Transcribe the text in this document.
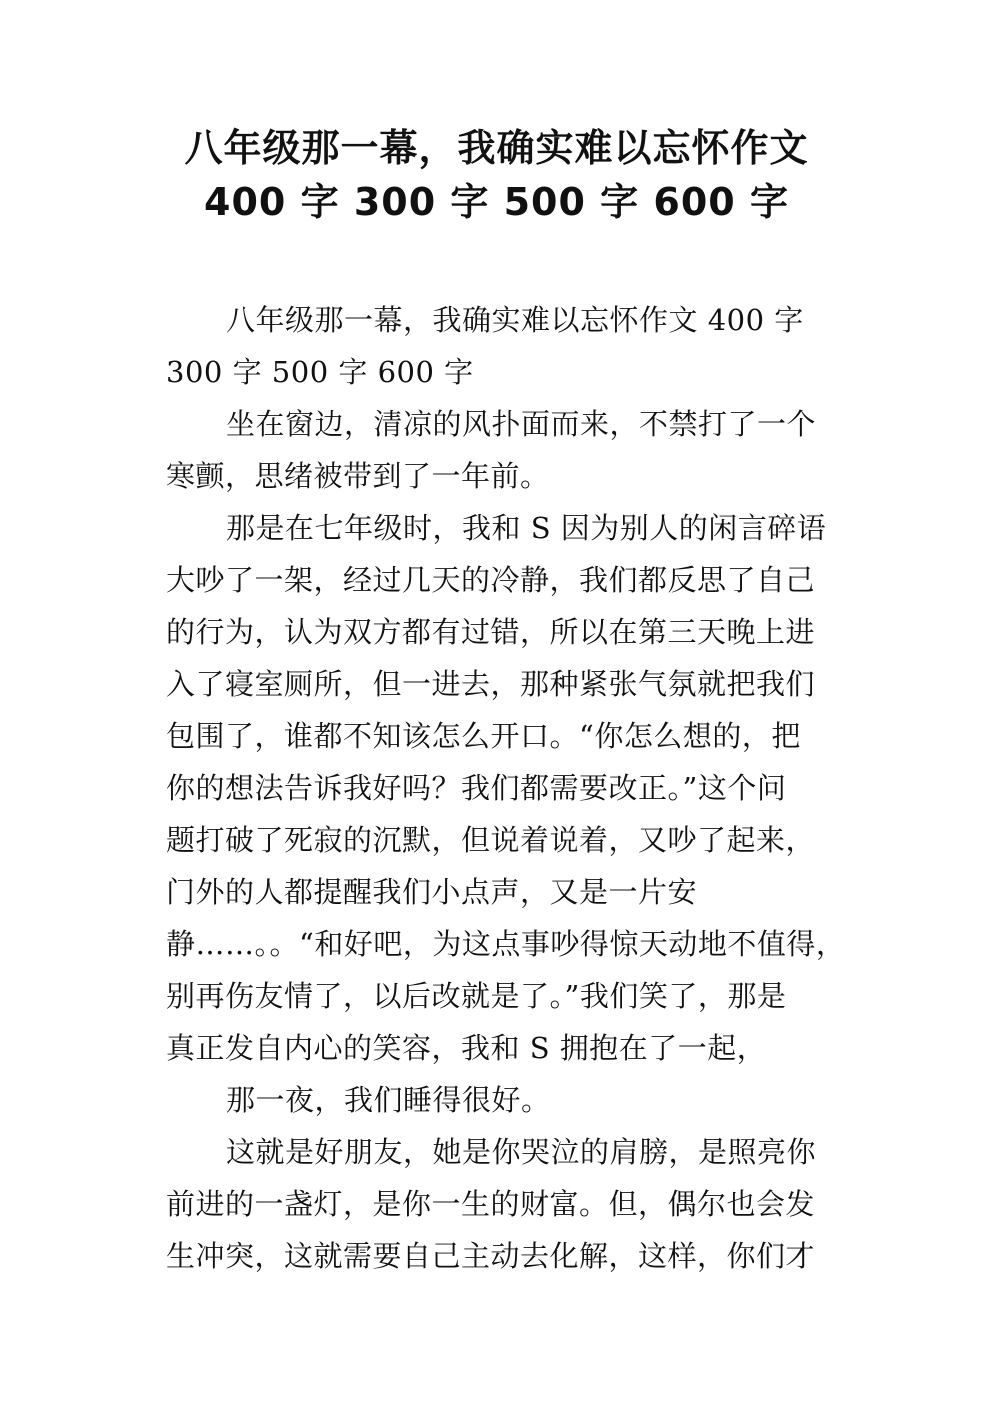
八年级那一幕，我确实难以忘怀作文
400 字 300 字 500 字 600 字
八年级那一幕，我确实难以忘怀作文 400 字
300 字 500 字 600 字
坐在窗边，清凉的风扑面而来，不禁打了一个
寒颤，思绪被带到了一年前。
那是在七年级时，我和 S 因为别人的闲言碎语
大吵了一架，经过几天的冷静，我们都反思了自己
的行为，认为双方都有过错，所以在第三天晚上进
入了寝室厕所，但一进去，那种紧张气氛就把我们
包围了，谁都不知该怎么开口。“你怎么想的，把
你的想法告诉我好吗？我们都需要改正。”这个问
题打破了死寂的沉默，但说着说着，又吵了起来，
门外的人都提醒我们小点声，又是一片安
静……。。“和好吧，为这点事吵得惊天动地不值得，
别再伤友情了，以后改就是了。”我们笑了，那是
真正发自内心的笑容，我和 S 拥抱在了一起，
那一夜，我们睡得很好。
这就是好朋友，她是你哭泣的肩膀，是照亮你
前进的一盏灯，是你一生的财富。但，偶尔也会发
生冲突，这就需要自己主动去化解，这样，你们才
